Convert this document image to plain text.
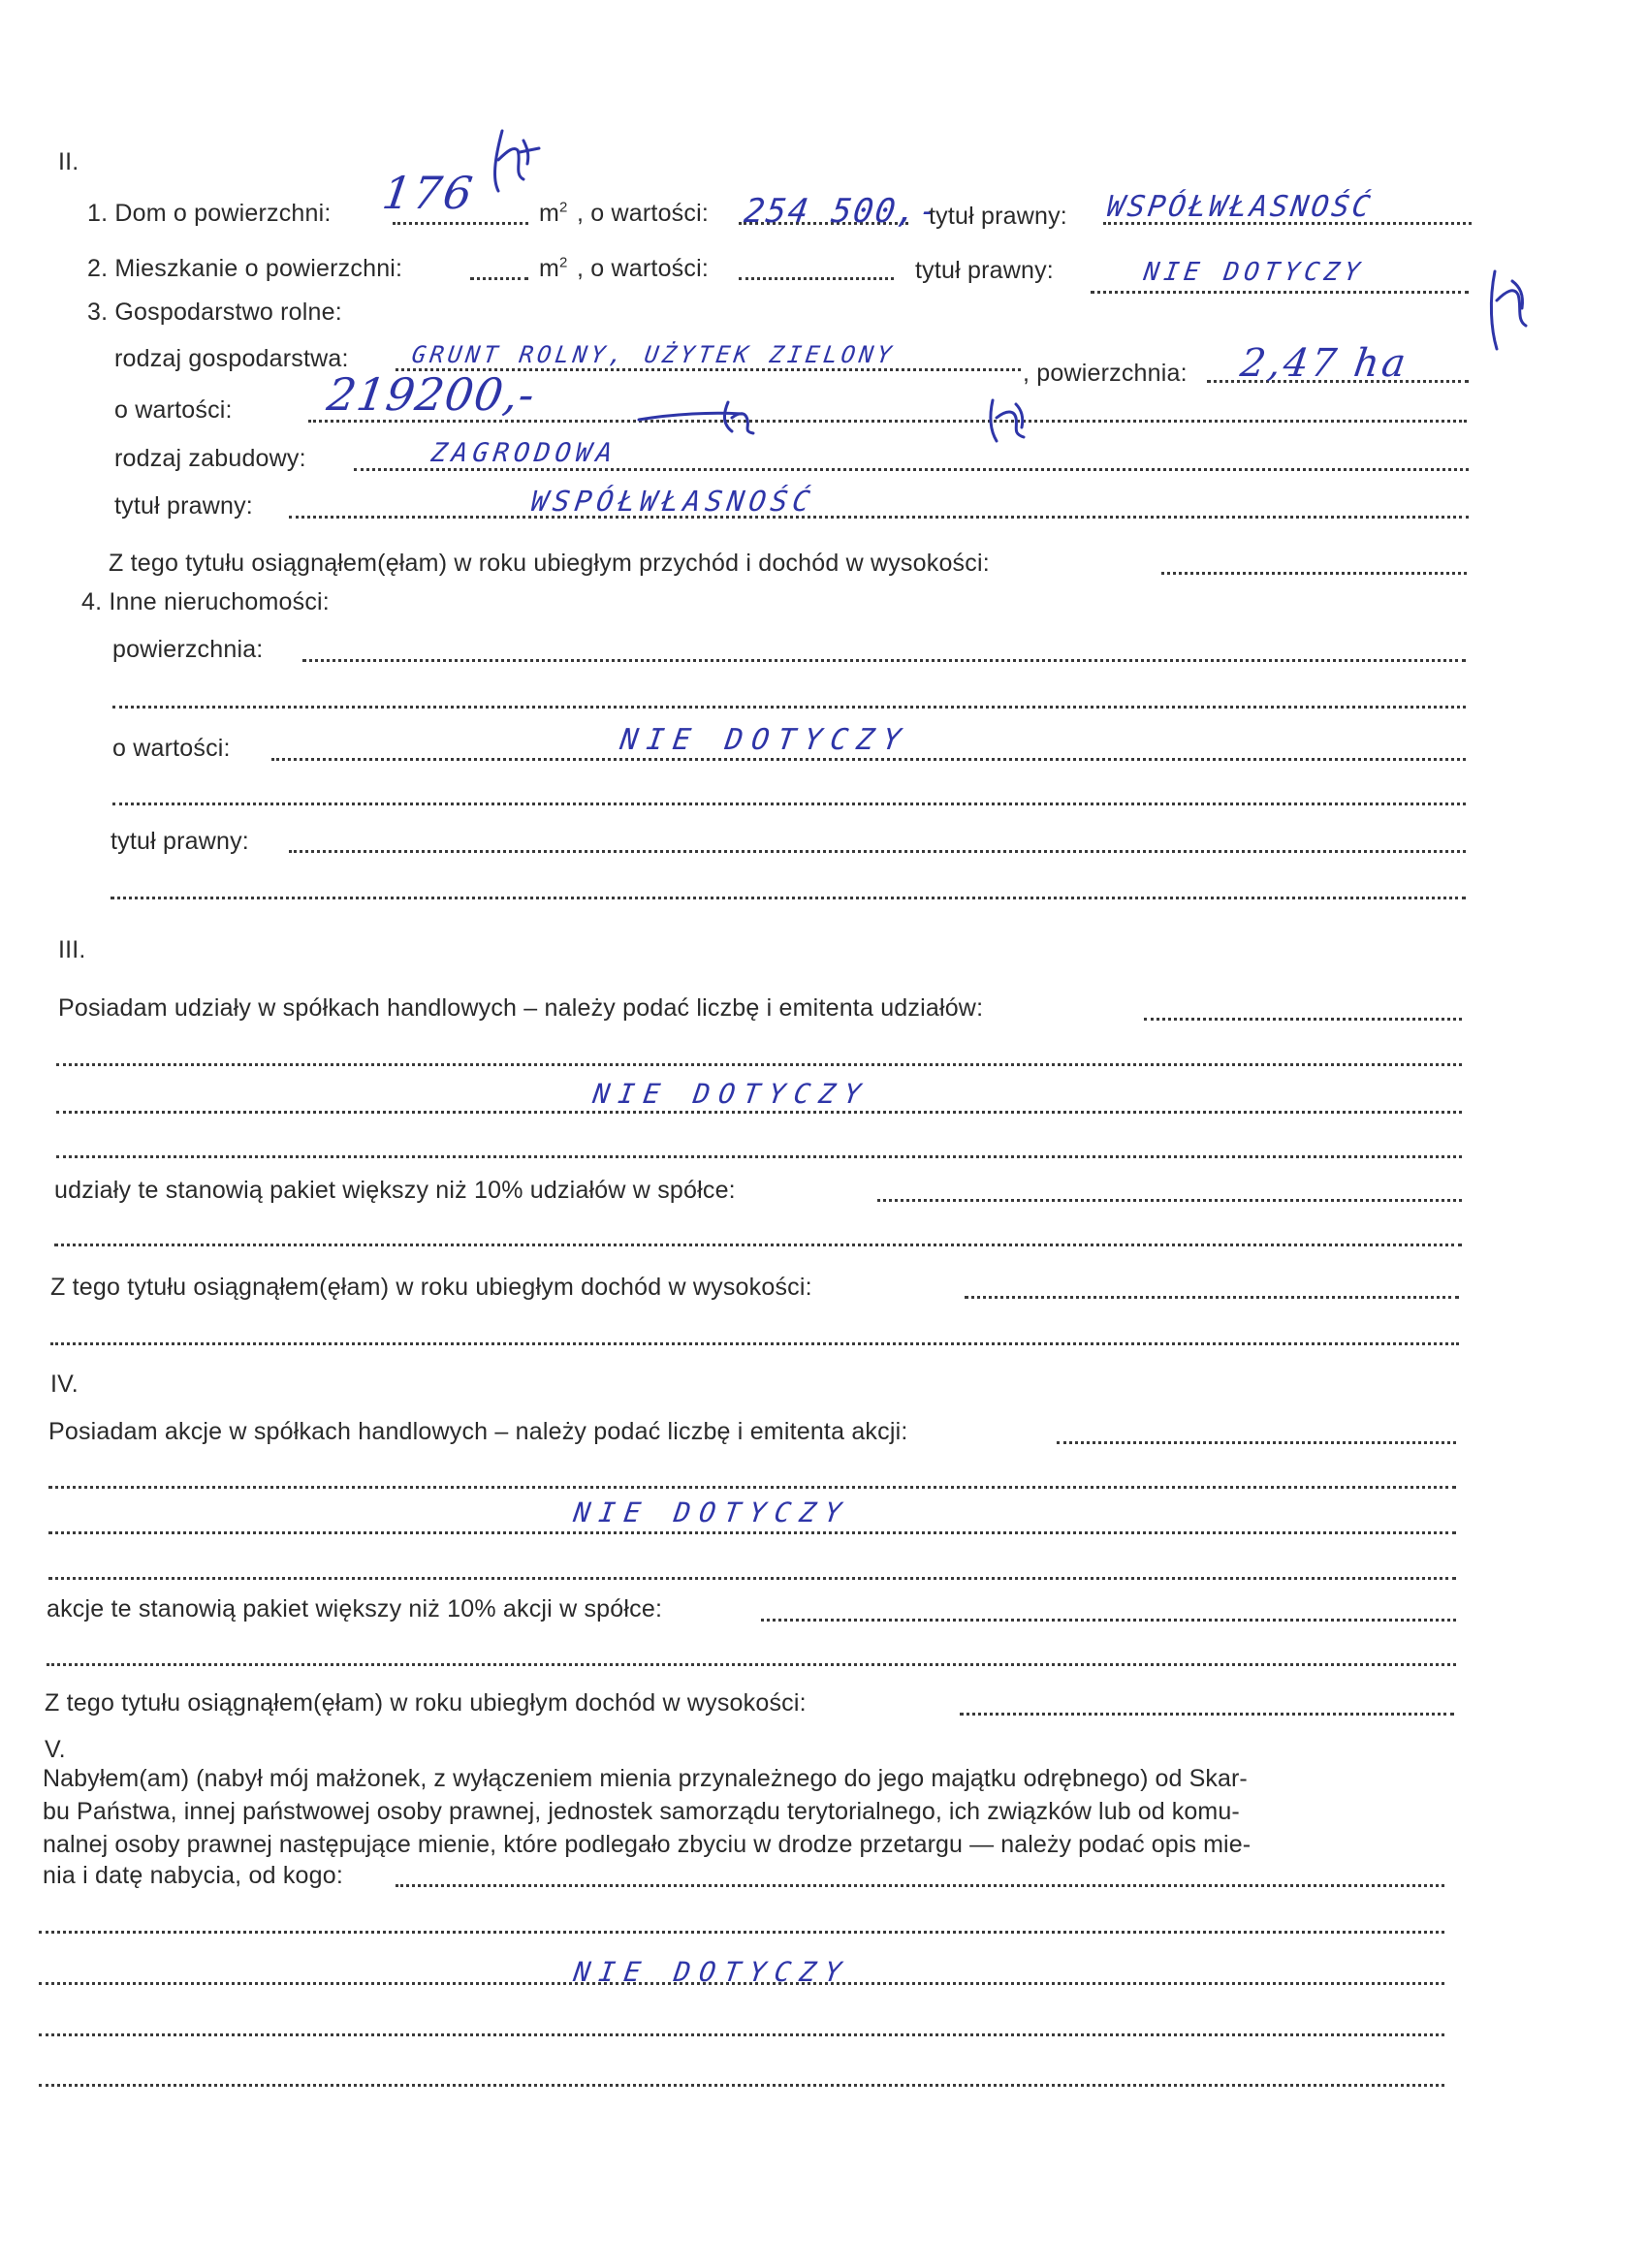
II.
1. Dom o powierzchni: 176	$m^2$ , o wartości: 254 500,-
tytuł prawny: WSPÓŁWŁASNOŚĆ
2. Mieszkanie o powierzchni:	$m^2$ , o wartości:	tytuł prawny:	NIE DOTYCZY
3. Gospodarstwo rolne:
rodzaj gospodarstwa:	GRUNT ROLNY, UŻYTEK ZIELONY
, powierzchnia: 2,47 ha
o wartości: 219200,-
rodzaj zabudowy:	ZAGRODOWA
tytuł prawny:	WSPÓŁWŁASNOŚĆ
Z tego tytułu osiągnąłem(ęłam) w roku ubiegłym przychód i dochód w wysokości:
4. Inne nieruchomości:
powierzchnia:
o wartości:	NIE DOTYCZY
tytuł prawny:
III.
Posiadam udziały w spółkach handlowych – należy podać liczbę i emitenta udziałów:
NIE DOTYCZY
udziały te stanowią pakiet większy niż 10% udziałów w spółce:
Z tego tytułu osiągnąłem(ęłam) w roku ubiegłym dochód w wysokości:
IV.
Posiadam akcje w spółkach handlowych – należy podać liczbę i emitenta akcji:
NIE DOTYCZY
akcje te stanowią pakiet większy niż 10% akcji w spółce:
Z tego tytułu osiągnąłem(ęłam) w roku ubiegłym dochód w wysokości:
V.
Nabyłem(am) (nabył mój małżonek, z wyłączeniem mienia przynależnego do jego majątku odrębnego) od Skar-
bu Państwa, innej państwowej osoby prawnej, jednostek samorządu terytorialnego, ich związków lub od komu-
nalnej osoby prawnej następujące mienie, które podlegało zbyciu w drodze przetargu — należy podać opis mie-
nia i datę nabycia, od kogo:
NIE DOTYCZY
